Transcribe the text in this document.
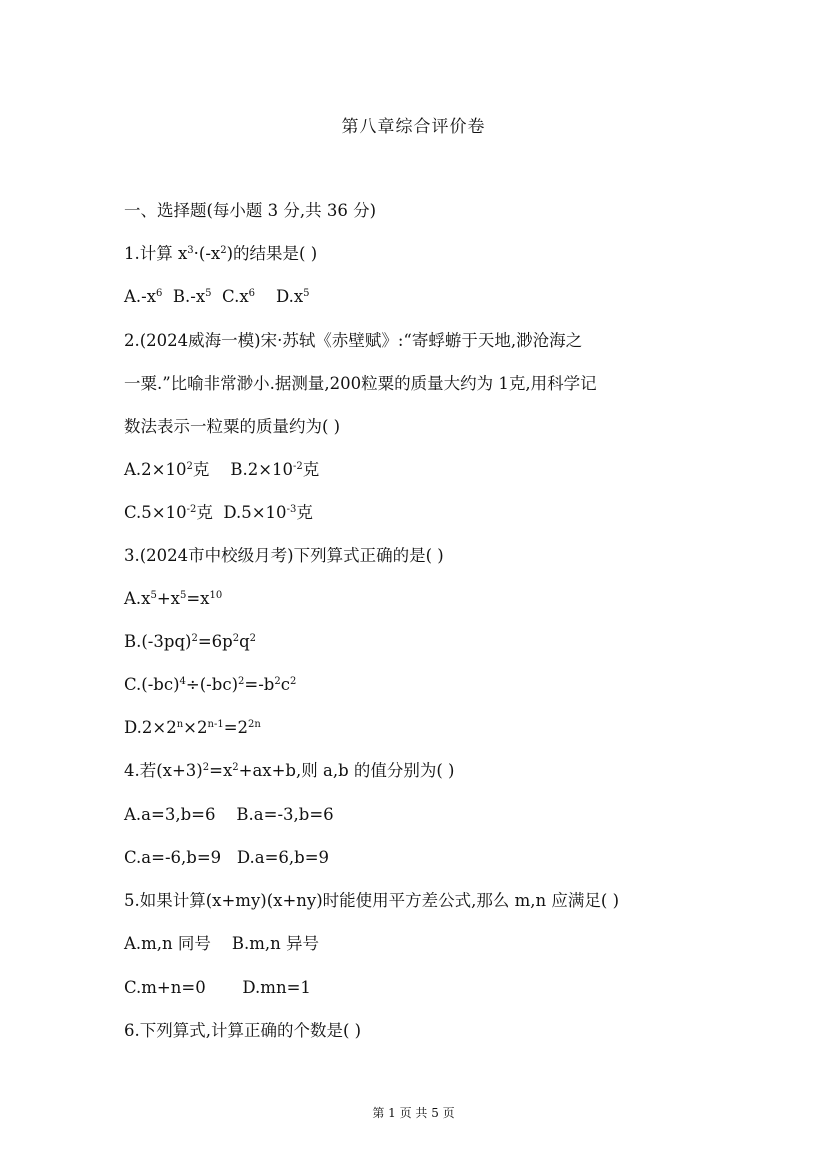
第八章综合评价卷
一、选择题(每小题 3 分,共 36 分)
1.计算 $x^3\cdot(-x^2)$的结果是( )
$A.-x^6$  $B.-x^5$  $C.x^6$    $D.x^5$
2.(2024威海一模)宋·苏轼《赤壁赋》:“寄蜉蝣于天地,渺沧海之
一粟.”比喻非常渺小.据测量,200粒粟的质量大约为 1克,用科学记
数法表示一粒粟的质量约为( )
$A.2\times 10^2$克    $B.2\times 10^{-2}$克
$C.5\times 10^{-2}$克  $D.5\times 10^{-3}$克
3.(2024市中校级月考)下列算式正确的是( )
$A.x^5+x^5=x^{10}$
$B.(-3pq)^2=6p^2q^2$
$C.(-bc)^4\div(-bc)^2=-b^2c^2$
$D.2\times 2^n\times 2^{n-1}=2^{2n}$
4.若$(x+3)^2=x^2+ax+b$,则 a,b 的值分别为( )
A.a=3,b=6    B.a=-3,b=6
C.a=-6,b=9   D.a=6,b=9
5.如果计算(x+my)(x+ny)时能使用平方差公式,那么 m,n 应满足( )
A.m,n 同号    B.m,n 异号
C.m+n=0       D.mn=1
6.下列算式,计算正确的个数是( )
第 1 页 共 5 页
